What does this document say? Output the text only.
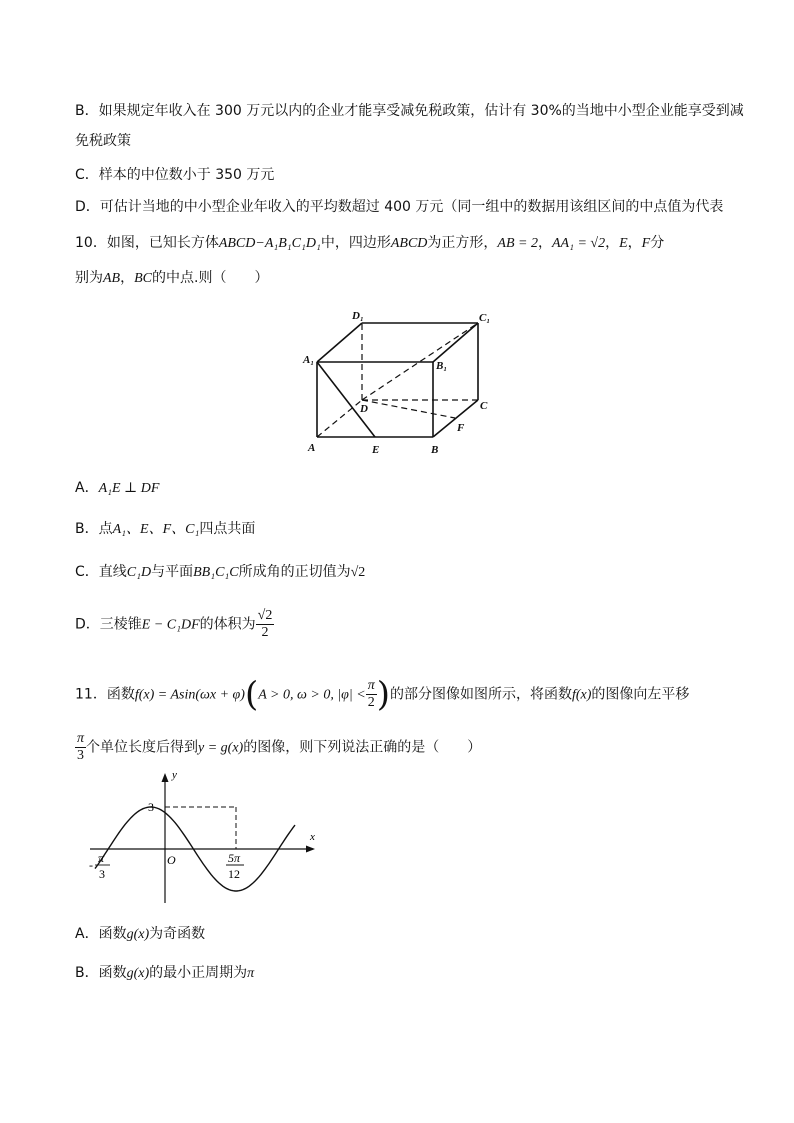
B．如果规定年收入在 300 万元以内的企业才能享受减免税政策，估计有 30%的当地中小型企业能享受到减
免税政策
C．样本的中位数小于 350 万元
D．可估计当地的中小型企业年收入的平均数超过 400 万元（同一组中的数据用该组区间的中点值为代表
10．如图，已知长方体ABCD−A₁B₁C₁D₁中，四边形ABCD为正方形，AB = 2，AA₁ = √2，E，F分
别为AB，BC的中点.则（　　）
D₁	C₁
A₁	B₁
D	C
A	E	B
F
A．A₁E ⊥ DF
B．点A₁、E、F、C₁四点共面
C．直线C₁D与平面BB₁C₁C所成角的正切值为√2
D．三棱锥E − C₁DF的体积为 $\frac{√2}{2}$
11．函数f(x) = Asin(ωx + φ)(A > 0, ω > 0, $|\varphi| < \frac{\pi}{2}$ )的部分图像如图所示，将函数f(x)的图像向左平移
$\frac{\pi}{3}$ 个单位长度后得到y = g(x)的图像，则下列说法正确的是（　　）
y
x
O
3
- π
3
5π
12
A．函数g(x)为奇函数
B．函数g(x)的最小正周期为π
